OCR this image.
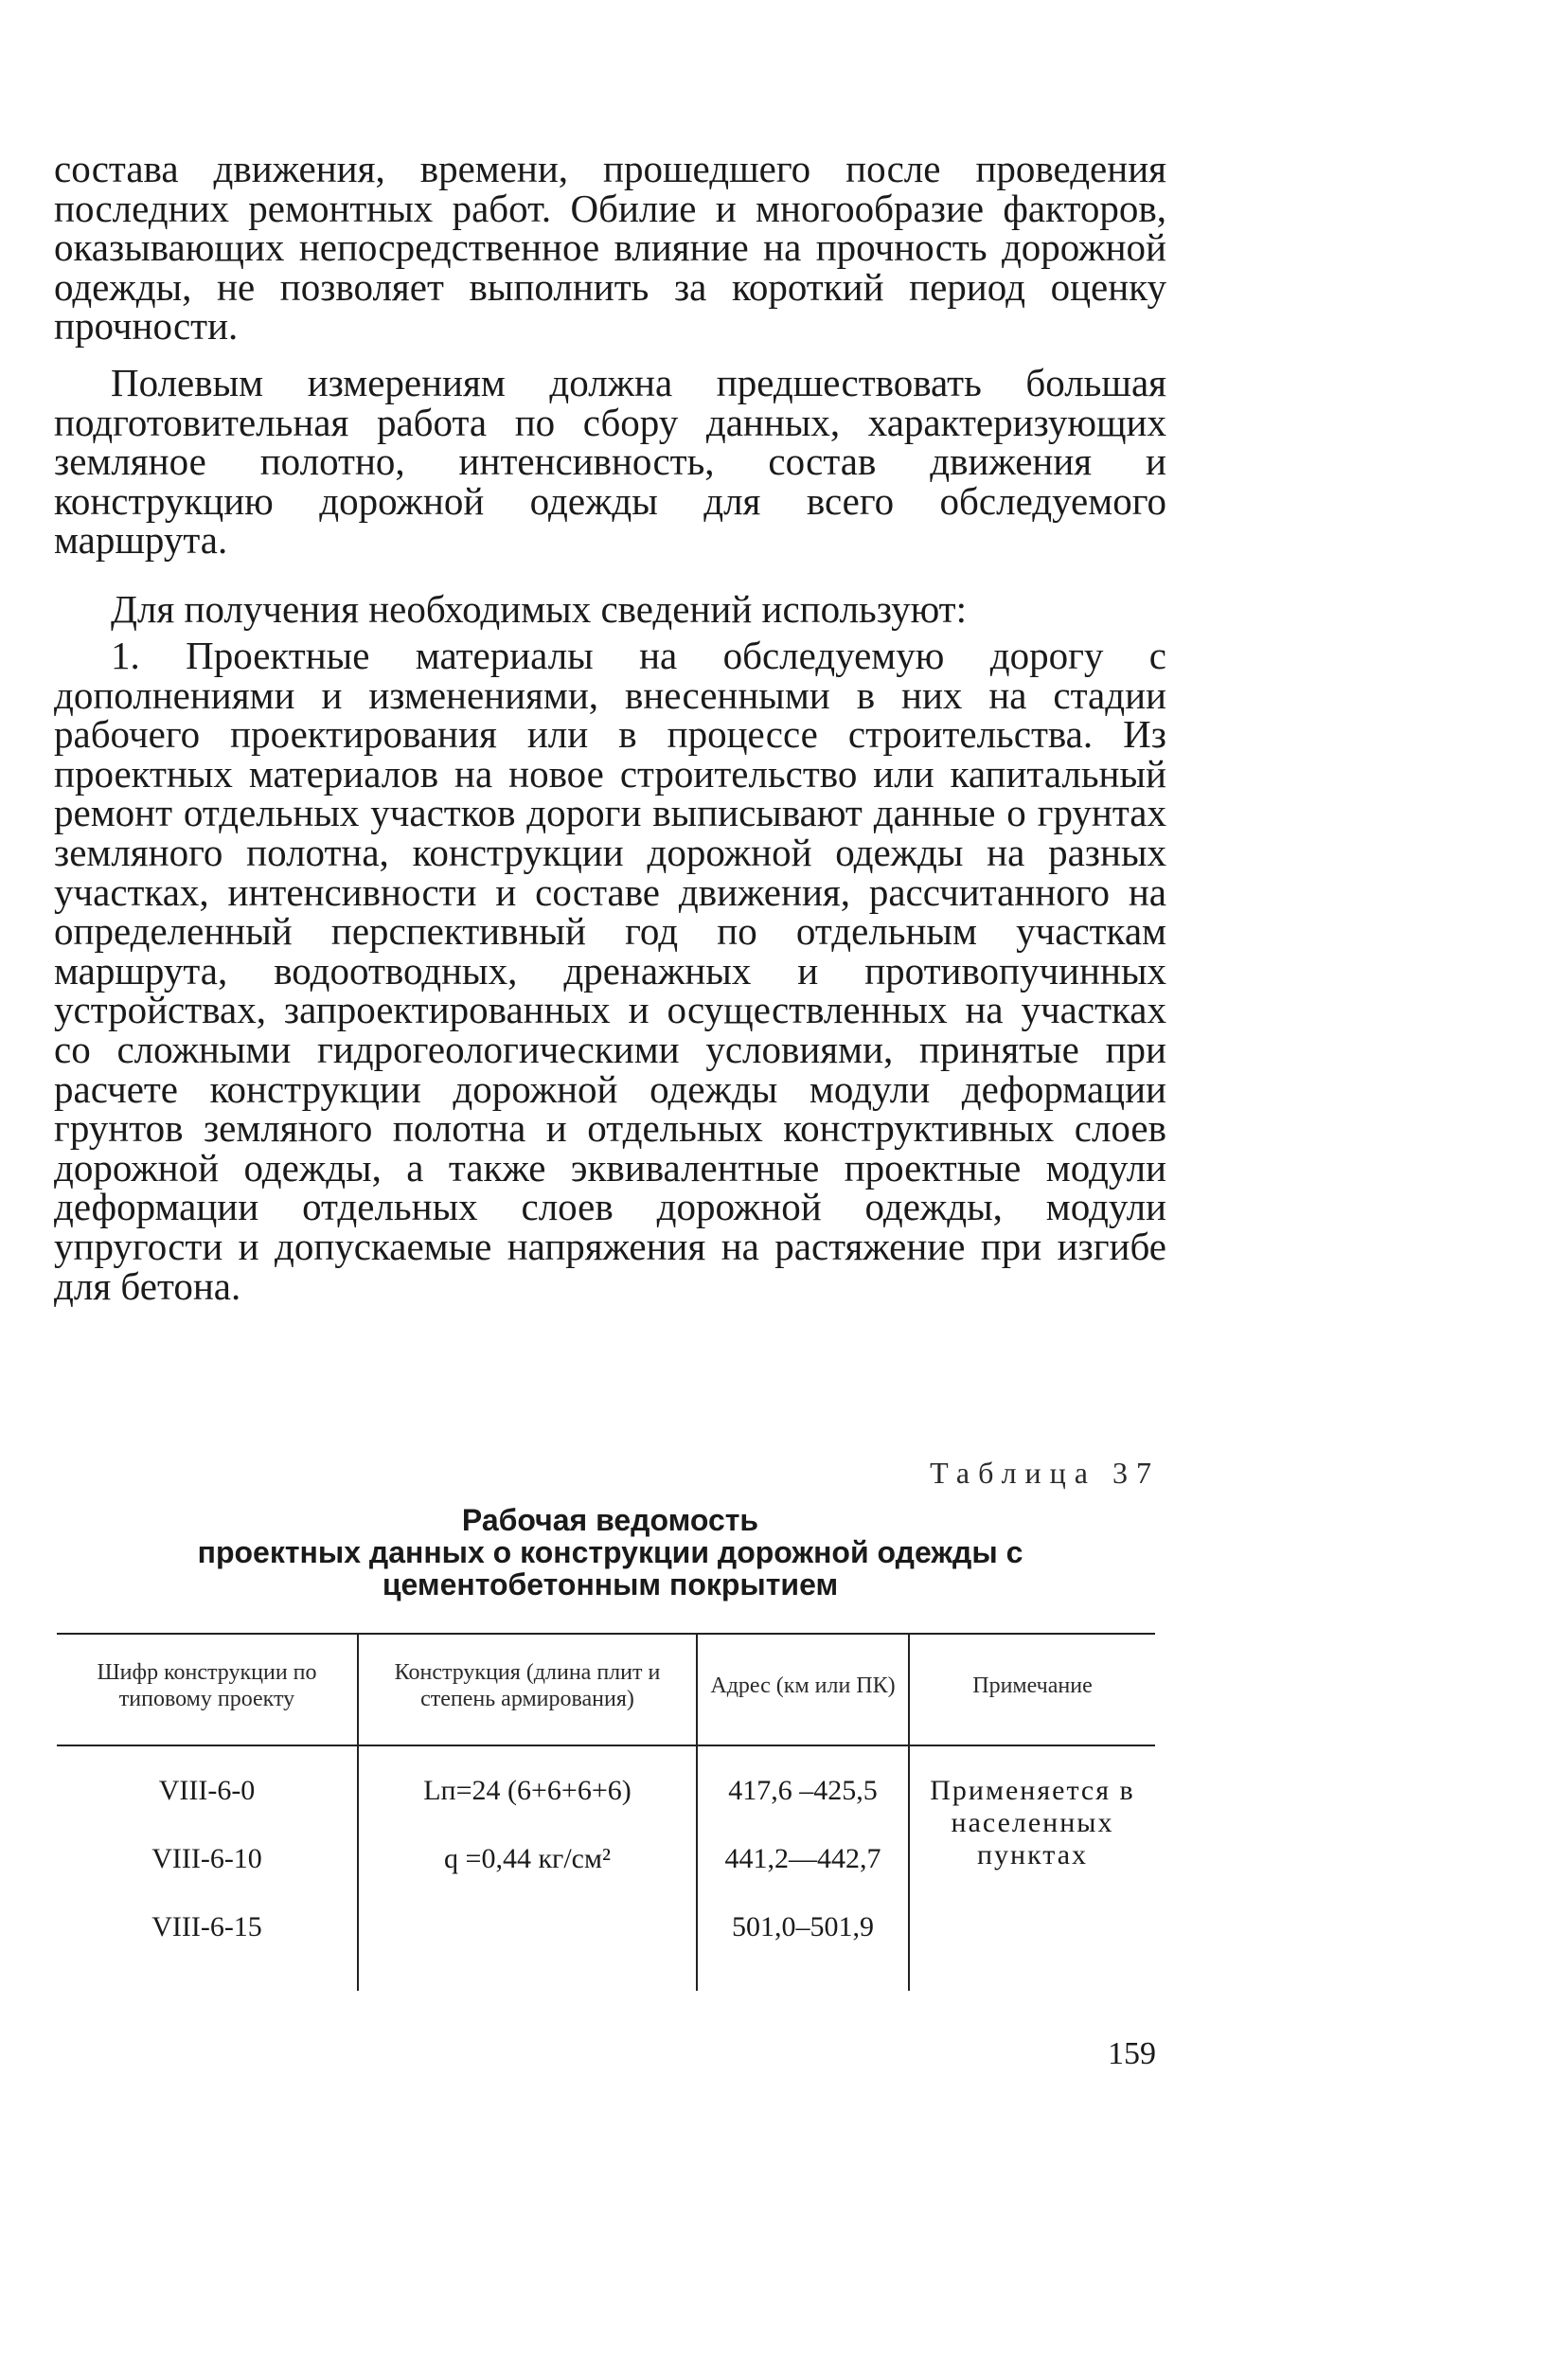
состава движения, времени, прошедшего после проведения последних ремонтных работ. Обилие и многообразие факторов, оказывающих непосредственное влияние на прочность дорожной одежды, не позволяет выполнить за короткий период оценку прочности.

Полевым измерениям должна предшествовать большая подготовительная работа по сбору данных, характеризующих земляное полотно, интенсивность, состав движения и конструкцию дорожной одежды для всего обследуемого маршрута.

Для получения необходимых сведений используют:

1. Проектные материалы на обследуемую дорогу с дополнениями и изменениями, внесенными в них на стадии рабочего проектирования или в процессе строительства. Из проектных материалов на новое строительство или капитальный ремонт отдельных участков дороги выписывают данные о грунтах земляного полотна, конструкции дорожной одежды на разных участках, интенсивности и составе движения, рассчитанного на определенный перспективный год по отдельным участкам маршрута, водоотводных, дренажных и противопучинных устройствах, запроектированных и осуществленных на участках со сложными гидрогеологическими условиями, принятые при расчете конструкции дорожной одежды модули деформации грунтов земляного полотна и отдельных конструктивных слоев дорожной одежды, а также эквивалентные проектные модули деформации отдельных слоев дорожной одежды, модули упругости и допускаемые напряжения на растяжение при изгибе для бетона.

Таблица 37
Рабочая ведомость
проектных данных о конструкции дорожной одежды с
цементобетонным покрытием
Шифр конструкции по типовому проекту	Конструкция (длина плит и степень армирования)	Адрес (км или ПК)	Примечание
VIII-6-0	Lп=24 (6+6+6+6)	417,6 –425,5	Применяется в населенных пунктах
VIII-6-10	q =0,44 кг/см²	441,2—442,7	
VIII-6-15		501,0–501,9	
159
